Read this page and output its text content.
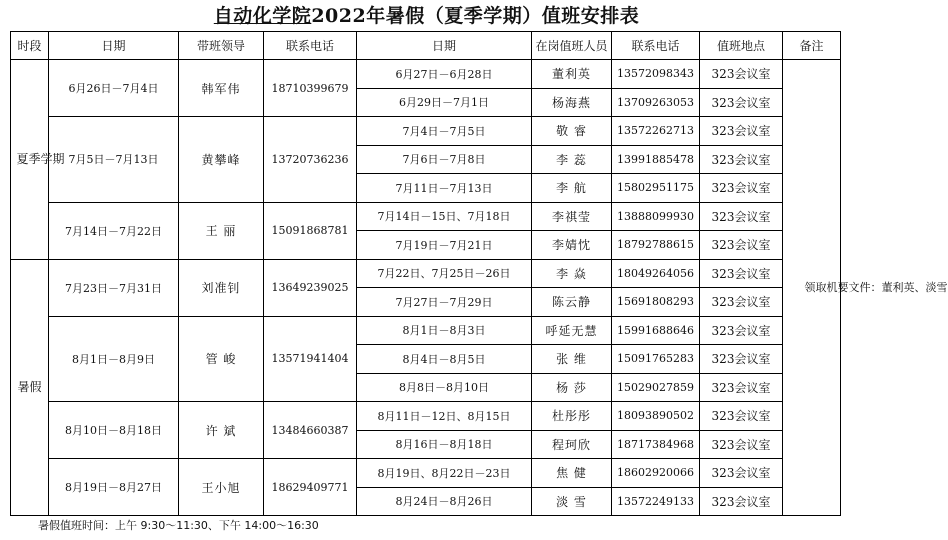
自动化学院2022年暑假（夏季学期）值班安排表
时段	日期	带班领导	联系电话	日期	在岗值班人员	联系电话	值班地点	备注
夏季学期	6月26日－7月4日	韩军伟	18710399679	6月27日－6月28日	董利英	13572098343	323会议室	领取机要文件：董利英、淡雪
				6月29日－7月1日	杨海燕	13709263053	323会议室	
	7月5日－7月13日	黄攀峰	13720736236	7月4日－7月5日	敬 睿	13572262713	323会议室	
				7月6日－7月8日	李 蕊	13991885478	323会议室	
				7月11日－7月13日	李 航	15802951175	323会议室	
	7月14日－7月22日	王 丽	15091868781	7月14日－15日、7月18日	李祺莹	13888099930	323会议室	
				7月19日－7月21日	李婧忱	18792788615	323会议室	
暑假	7月23日－7月31日	刘准钊	13649239025	7月22日、7月25日－26日	李 焱	18049264056	323会议室	
				7月27日－7月29日	陈云静	15691808293	323会议室	
	8月1日－8月9日	管 峻	13571941404	8月1日－8月3日	呼延无慧	15991688646	323会议室	
				8月4日－8月5日	张 维	15091765283	323会议室	
				8月8日－8月10日	杨 莎	15029027859	323会议室	
	8月10日－8月18日	许 斌	13484660387	8月11日－12日、8月15日	杜彤彤	18093890502	323会议室	
				8月16日－8月18日	程珂欣	18717384968	323会议室	
	8月19日－8月27日	王小旭	18629409771	8月19日、8月22日－23日	焦 健	18602920066	323会议室	
				8月24日－8月26日	淡 雪	13572249133	323会议室	
暑假值班时间：上午 9:30～11:30、下午 14:00～16:30
